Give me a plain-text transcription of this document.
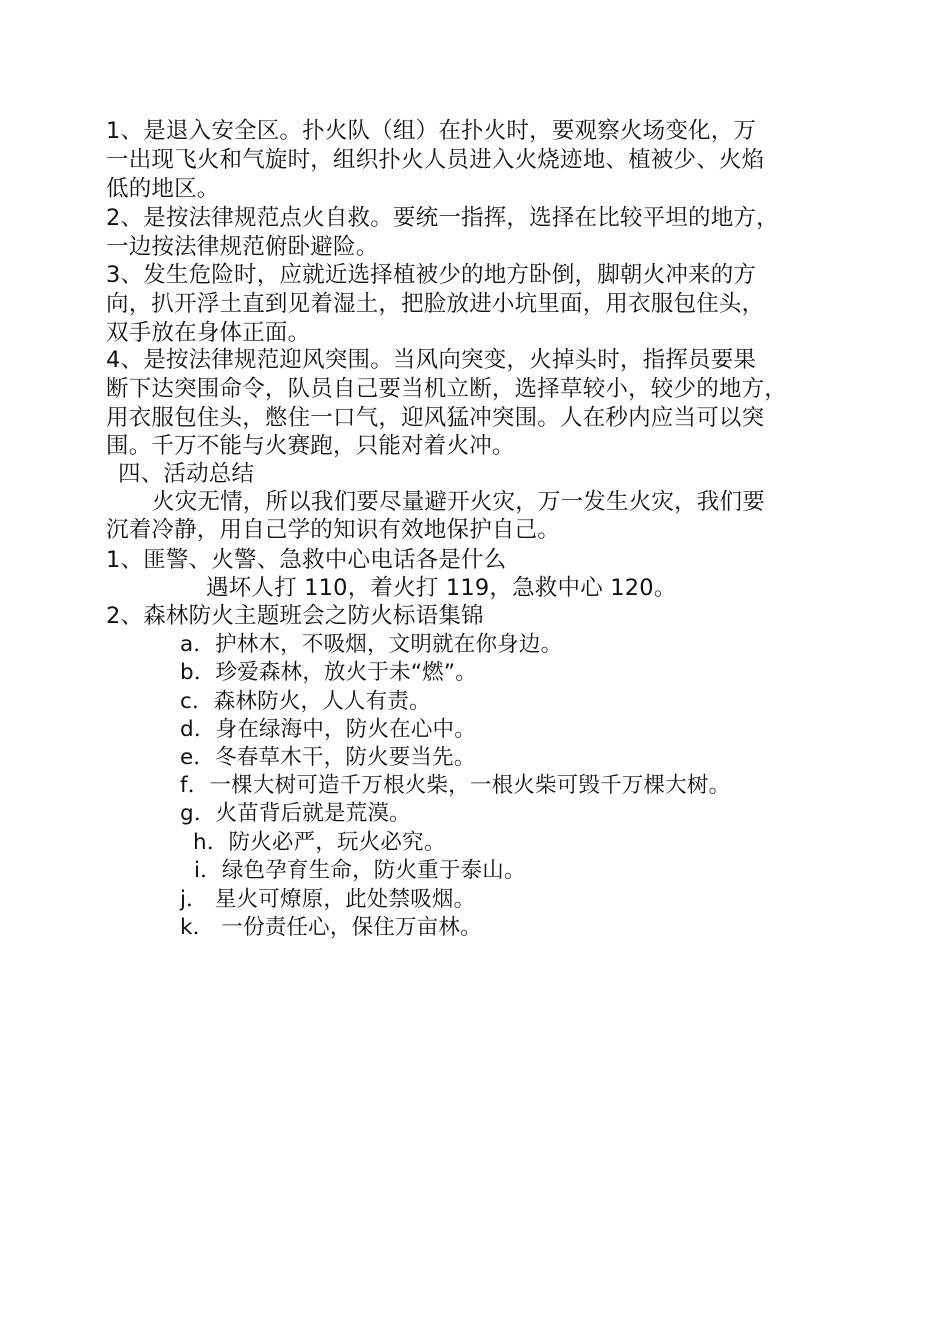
1、是退入安全区。扑火队（组）在扑火时，要观察火场变化，万
一出现飞火和气旋时，组织扑火人员进入火烧迹地、植被少、火焰
低的地区。
2、是按法律规范点火自救。要统一指挥，选择在比较平坦的地方，
一边按法律规范俯卧避险。
3、发生危险时，应就近选择植被少的地方卧倒，脚朝火冲来的方
向，扒开浮土直到见着湿土，把脸放进小坑里面，用衣服包住头，
双手放在身体正面。
4、是按法律规范迎风突围。当风向突变，火掉头时，指挥员要果
断下达突围命令，队员自己要当机立断，选择草较小，较少的地方，
用衣服包住头，憋住一口气，迎风猛冲突围。人在秒内应当可以突
围。千万不能与火赛跑，只能对着火冲。
四、活动总结
火灾无情，所以我们要尽量避开火灾，万一发生火灾，我们要
沉着冷静，用自己学的知识有效地保护自己。
1、匪警、火警、急救中心电话各是什么
遇坏人打 110，着火打 119，急救中心 120。
2、森林防火主题班会之防火标语集锦
a．护林木，不吸烟，文明就在你身边。
b．珍爱森林，放火于未“燃”。
c．森林防火，人人有责。
d．身在绿海中，防火在心中。
e．冬春草木干，防火要当先。
f．一棵大树可造千万根火柴，一根火柴可毁千万棵大树。
g．火苗背后就是荒漠。
h．防火必严，玩火必究。
i．绿色孕育生命，防火重于泰山。
j． 星火可燎原，此处禁吸烟。
k． 一份责任心，保住万亩林。
